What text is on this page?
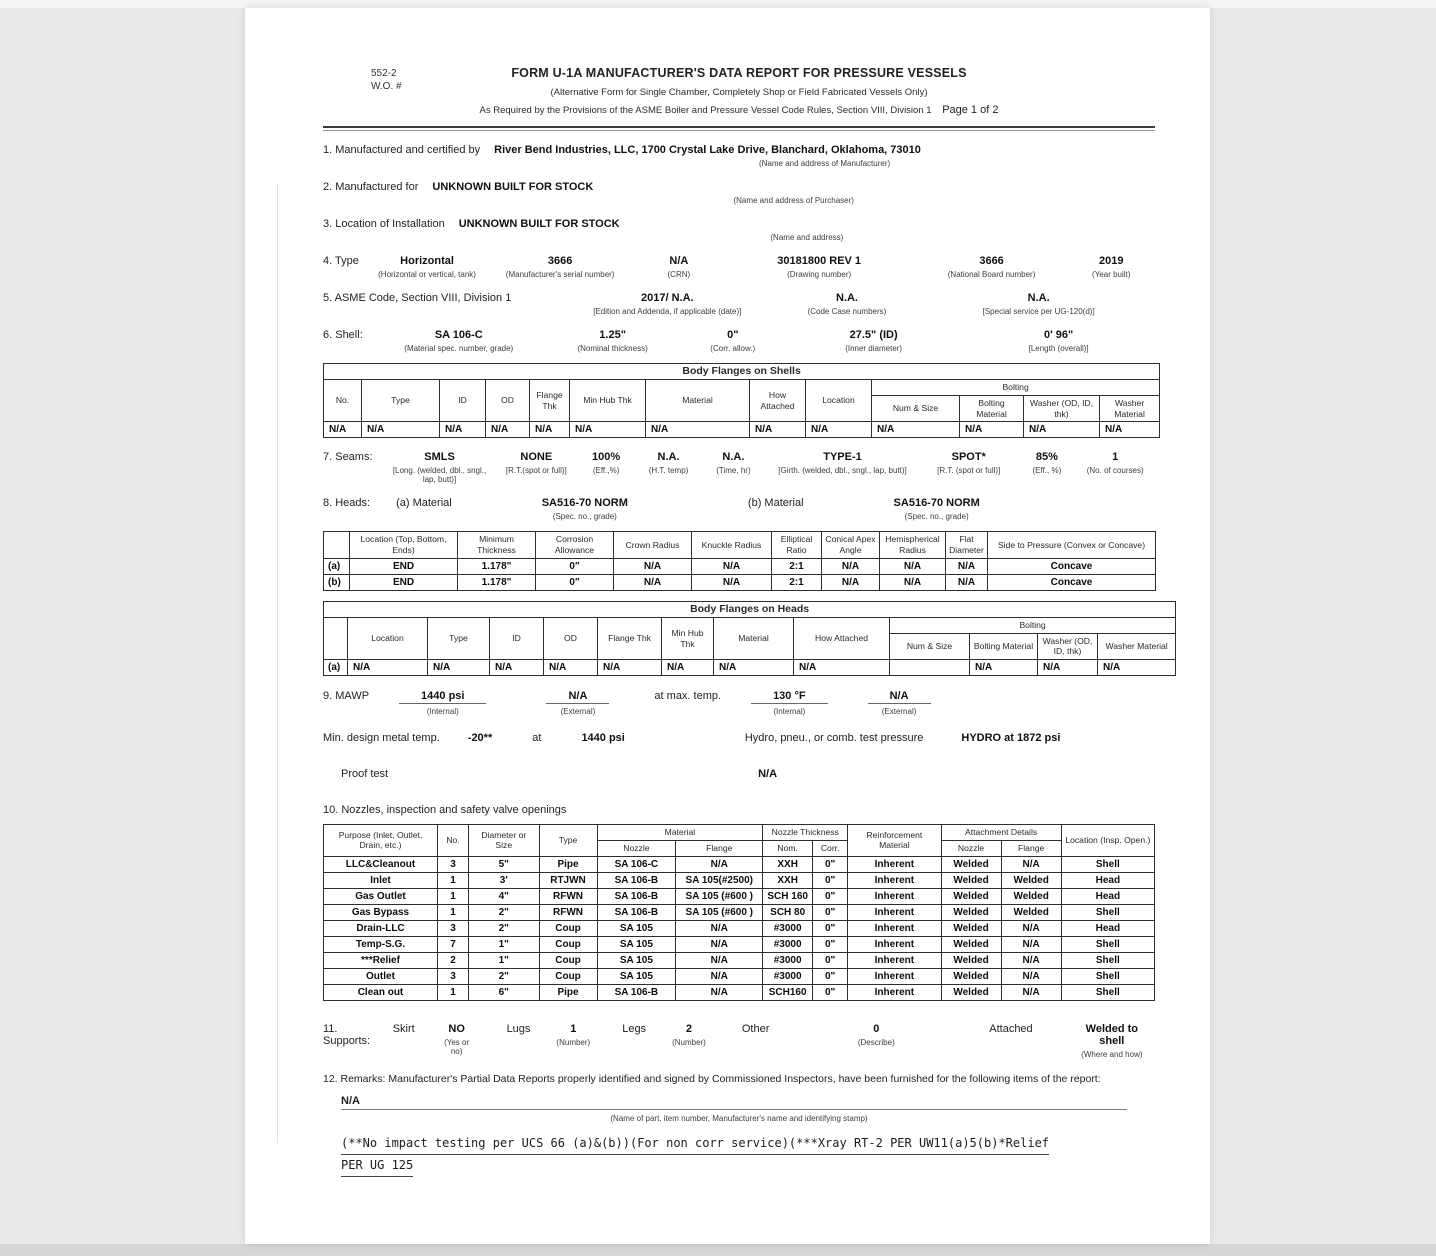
552-2
W.O. #
FORM U-1A MANUFACTURER'S DATA REPORT FOR PRESSURE VESSELS
(Alternative Form for Single Chamber, Completely Shop or Field Fabricated Vessels Only)
As Required by the Provisions of the ASME Boiler and Pressure Vessel Code Rules, Section VIII, Division 1 Page 1 of 2
1. Manufactured and certified by River Bend Industries, LLC, 1700 Crystal Lake Drive, Blanchard, Oklahoma, 73010
(Name and address of Manufacturer)
2. Manufactured for UNKNOWN BUILT FOR STOCK
(Name and address of Purchaser)
3. Location of Installation UNKNOWN BUILT FOR STOCK
(Name and address)
4. Type	Horizontal
(Horizontal or vertical, tank)
3666
(Manufacturer's serial number)
N/A
(CRN)
30181800 REV 1
(Drawing number)
3666
(National Board number)
2019
(Year built)
5. ASME Code, Section VIII, Division 1	2017/ N.A.
[Edition and Addenda, if applicable (date)]
N.A.
(Code Case numbers)
N.A.
[Special service per UG-120(d)]
6. Shell:	SA 106-C
(Material spec. number, grade)
1.25"
(Nominal thickness)
0"
(Corr. allow.)
27.5" (ID)
(Inner diameter)
0' 96"
[Length (overall)]
Body Flanges on Shells												
No.	Type	ID	OD	Flange Thk	Min Hub Thk	Material	How Attached	Location	Bolting			
									Num & Size	Bolting Material	Washer (OD, ID, thk)	Washer Material
N/A	N/A	N/A	N/A	N/A	N/A	N/A	N/A	N/A	N/A	N/A	N/A	N/A
7. Seams:	SMLS
[Long. (welded, dbl., sngl., lap, butt)]
NONE
[R.T.(spot or full)]
100%
(Eff.,%)
N.A.
(H.T. temp)
N.A.
(Time, hr)
TYPE-1
[Girth. (welded, dbl., sngl., lap, butt)]
SPOT*
[R.T. (spot or full)]
85%
(Eff., %)
1
(No. of courses)
8. Heads: (a) Material	SA516-70 NORM
(Spec. no., grade)
(b) Material	SA516-70 NORM
(Spec. no., grade)
	Location (Top, Bottom, Ends)	Minimum Thickness	Corrosion Allowance	Crown Radius	Knuckle Radius	Elliptical Ratio	Conical Apex Angle	Hemispherical Radius	Flat Diameter	Side to Pressure (Convex or Concave)
(a)	END	1.178"	0"	N/A	N/A	2:1	N/A	N/A	N/A	Concave
(b)	END	1.178"	0"	N/A	N/A	2:1	N/A	N/A	N/A	Concave
Body Flanges on Heads												
	Location	Type	ID	OD	Flange Thk	Min Hub Thk	Material	How Attached	Bolting			
									Num & Size	Bolting Material	Washer (OD, ID, thk)	Washer Material
(a)	N/A	N/A	N/A	N/A	N/A	N/A	N/A	N/A		N/A	N/A	N/A
9. MAWP	1440 psi
(Internal)
N/A
(External)
at max. temp.	130 °F
(Internal)
N/A
(External)
Min. design metal temp.	-20**	at	1440 psi	Hydro, pneu., or comb. test pressure	HYDRO at 1872 psi
Proof test	N/A
10. Nozzles, inspection and safety valve openings
Purpose (Inlet, Outlet, Drain, etc.)	No.	Diameter or Size	Type	Material		Nozzle Thickness		Reinforcement Material	Attachment Details		Location (Insp. Open.)
				Nozzle	Flange	Nom.	Corr.		Nozzle	Flange	
LLC&Cleanout	3	5"	Pipe	SA 106-C	N/A	XXH	0"	Inherent	Welded	N/A	Shell
Inlet	1	3'	RTJWN	SA 106-B	SA 105(#2500)	XXH	0"	Inherent	Welded	Welded	Head
Gas Outlet	1	4"	RFWN	SA 106-B	SA 105 (#600 )	SCH 160	0"	Inherent	Welded	Welded	Head
Gas Bypass	1	2"	RFWN	SA 106-B	SA 105 (#600 )	SCH 80	0"	Inherent	Welded	Welded	Shell
Drain-LLC	3	2"	Coup	SA 105	N/A	#3000	0"	Inherent	Welded	N/A	Head
Temp-S.G.	7	1"	Coup	SA 105	N/A	#3000	0"	Inherent	Welded	N/A	Shell
***Relief	2	1"	Coup	SA 105	N/A	#3000	0"	Inherent	Welded	N/A	Shell
Outlet	3	2"	Coup	SA 105	N/A	#3000	0"	Inherent	Welded	N/A	Shell
Clean out	1	6"	Pipe	SA 106-B	N/A	SCH160	0"	Inherent	Welded	N/A	Shell
11. Supports:
Skirt	NO
(Yes or no)
Lugs	1
(Number)
Legs	2
(Number)
Other	0
(Describe)
Attached	Welded to shell
(Where and how)
12. Remarks: Manufacturer's Partial Data Reports properly identified and signed by Commissioned Inspectors, have been furnished for the following items of the report:
N/A
(Name of part, item number, Manufacturer's name and identifying stamp)
(**No impact testing per UCS 66 (a)&(b))(For non corr service)(***Xray RT-2 PER UW11(a)5(b)*Relief
PER UG 125
